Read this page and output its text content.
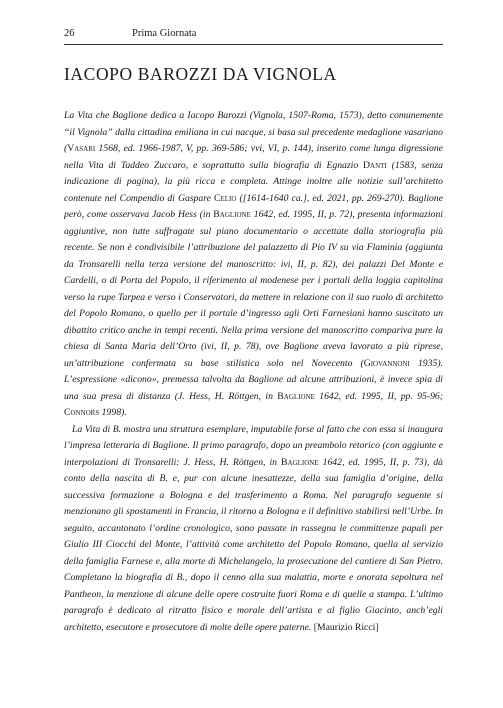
26	Prima Giornata
IACOPO BAROZZI DA VIGNOLA

La Vita che Baglione dedica a Iacopo Barozzi (Vignola, 1507-Roma, 1573), detto comunemente “il Vignola” dalla cittadina emiliana in cui nacque, si basa sul precedente medaglione vasariano (Vasari 1568, ed. 1966-1987, V, pp. 369-586; vvi, VI, p. 144), inserito come lunga digressione nella Vita di Taddeo Zuccaro, e soprattutto sulla biografia di Egnazio Danti (1583, senza indicazione di pagina), la più ricca e completa. Attinge inoltre alle notizie sull’architetto contenute nel Compendio di Gaspare Celio ([1614-1640 ca.], ed. 2021, pp. 269-270). Baglione però, come osservava Jacob Hess (in Baglione 1642, ed. 1995, II, p. 72), presenta informazioni aggiuntive, non tutte suffragate sul piano documentario o accettate dalla storiografia più recente. Se non è condivisibile l’attribuzione del palazzetto di Pio IV su via Flaminia (aggiunta da Tronsarelli nella terza versione del manoscritto: ivi, II, p. 82), dei palazzi Del Monte e Cardelli, o di Porta del Popolo, il riferimento al modenese per i portali della loggia capitolina verso la rupe Tarpea e verso i Conservatori, da mettere in relazione con il suo ruolo di architetto del Popolo Romano, o quello per il portale d’ingresso agli Orti Farnesiani hanno suscitato un dibattito critico anche in tempi recenti. Nella prima versione del manoscritto compariva pure la chiesa di Santa Maria dell’Orto (ivi, II, p. 78), ove Baglione aveva lavorato a più riprese, un’attribuzione confermata su base stilistica solo nel Novecento (Giovannoni 1935). L’espressione «dicono», premessa talvolta da Baglione ad alcune attribuzioni, è invece spia di una sua presa di distanza (J. Hess, H. Röttgen, in Baglione 1642, ed. 1995, II, pp. 95-96; Connors 1998).

La Vita di B. mostra una struttura esemplare, imputabile forse al fatto che con essa si inaugura l’impresa letteraria di Baglione. Il primo paragrafo, dopo un preambolo retorico (con aggiunte e interpolazioni di Tronsarelli: J. Hess, H. Röttgen, in Baglione 1642, ed. 1995, II, p. 73), dà conto della nascita di B. e, pur con alcune inesattezze, della sua famiglia d’origine, della successiva formazione a Bologna e del trasferimento a Roma. Nel paragrafo seguente si menzionano gli spostamenti in Francia, il ritorno a Bologna e il definitivo stabilirsi nell’Urbe. In seguito, accantonato l’ordine cronologico, sono passate in rassegna le committenze papali per Giulio III Ciocchi del Monte, l’attività come architetto del Popolo Romano, quella al servizio della famiglia Farnese e, alla morte di Michelangelo, la prosecuzione del cantiere di San Pietro. Completano la biografia di B., dopo il cenno alla sua malattia, morte e onorata sepoltura nel Pantheon, la menzione di alcune delle opere costruite fuori Roma e di quelle a stampa. L’ultimo paragrafo è dedicato al ritratto fisico e morale dell’artista e al figlio Giacinto, anch’egli architetto, esecutore e prosecutore di molte delle opere paterne. [Maurizio Ricci]
